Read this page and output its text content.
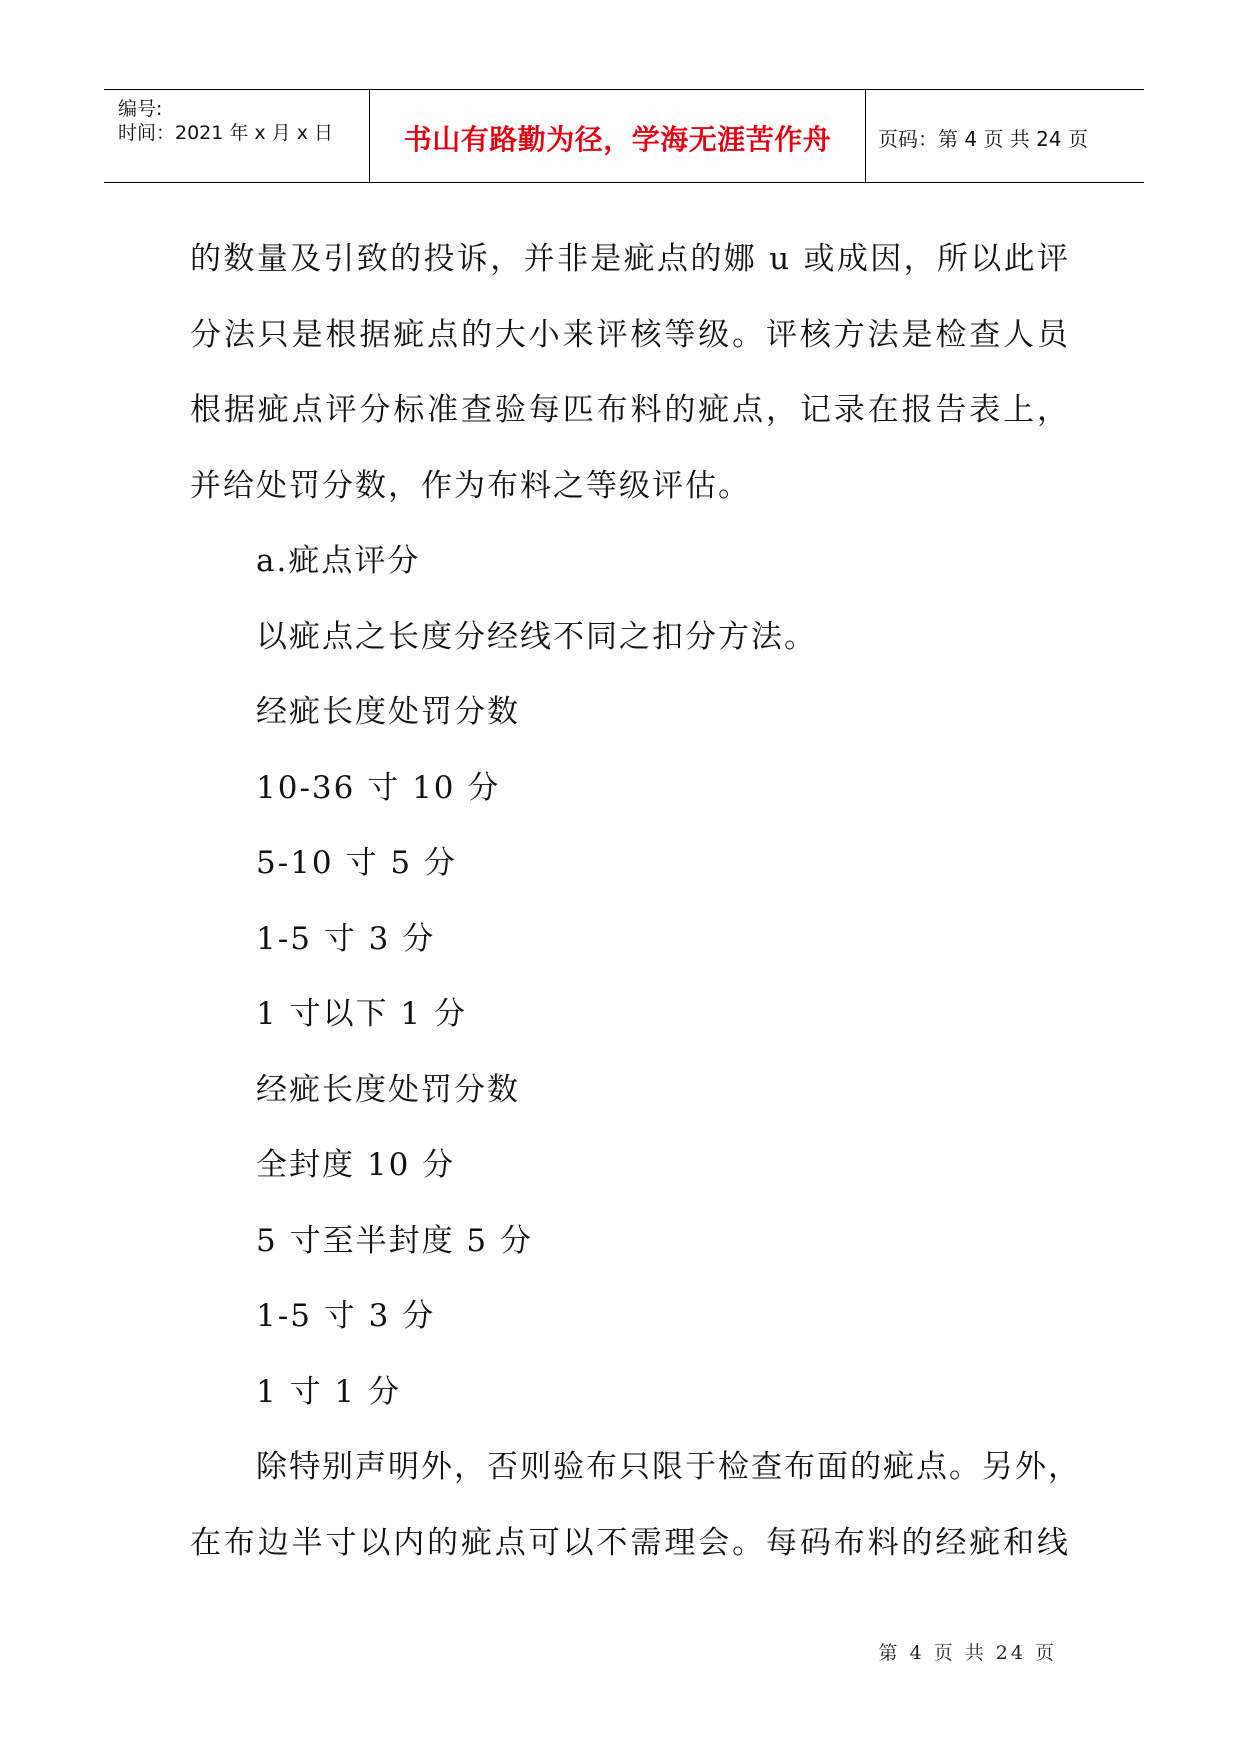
编号:
时间：2021 年 x 月 x 日	书山有路勤为径，学海无涯苦作舟	页码：第 4 页 共 24 页
的数量及引致的投诉，并非是疵点的娜 u 或成因，所以此评
分法只是根据疵点的大小来评核等级。评核方法是检查人员
根据疵点评分标准查验每匹布料的疵点，记录在报告表上，
并给处罚分数，作为布料之等级评估。
a.疵点评分
以疵点之长度分经线不同之扣分方法。
经疵长度处罚分数
10-36 寸 10 分
5-10 寸 5 分
1-5 寸 3 分
1 寸以下 1 分
经疵长度处罚分数
全封度 10 分
5 寸至半封度 5 分
1-5 寸 3 分
1 寸 1 分
除特别声明外，否则验布只限于检查布面的疵点。另外，
在布边半寸以内的疵点可以不需理会。每码布料的经疵和线
第 4 页 共 24 页
